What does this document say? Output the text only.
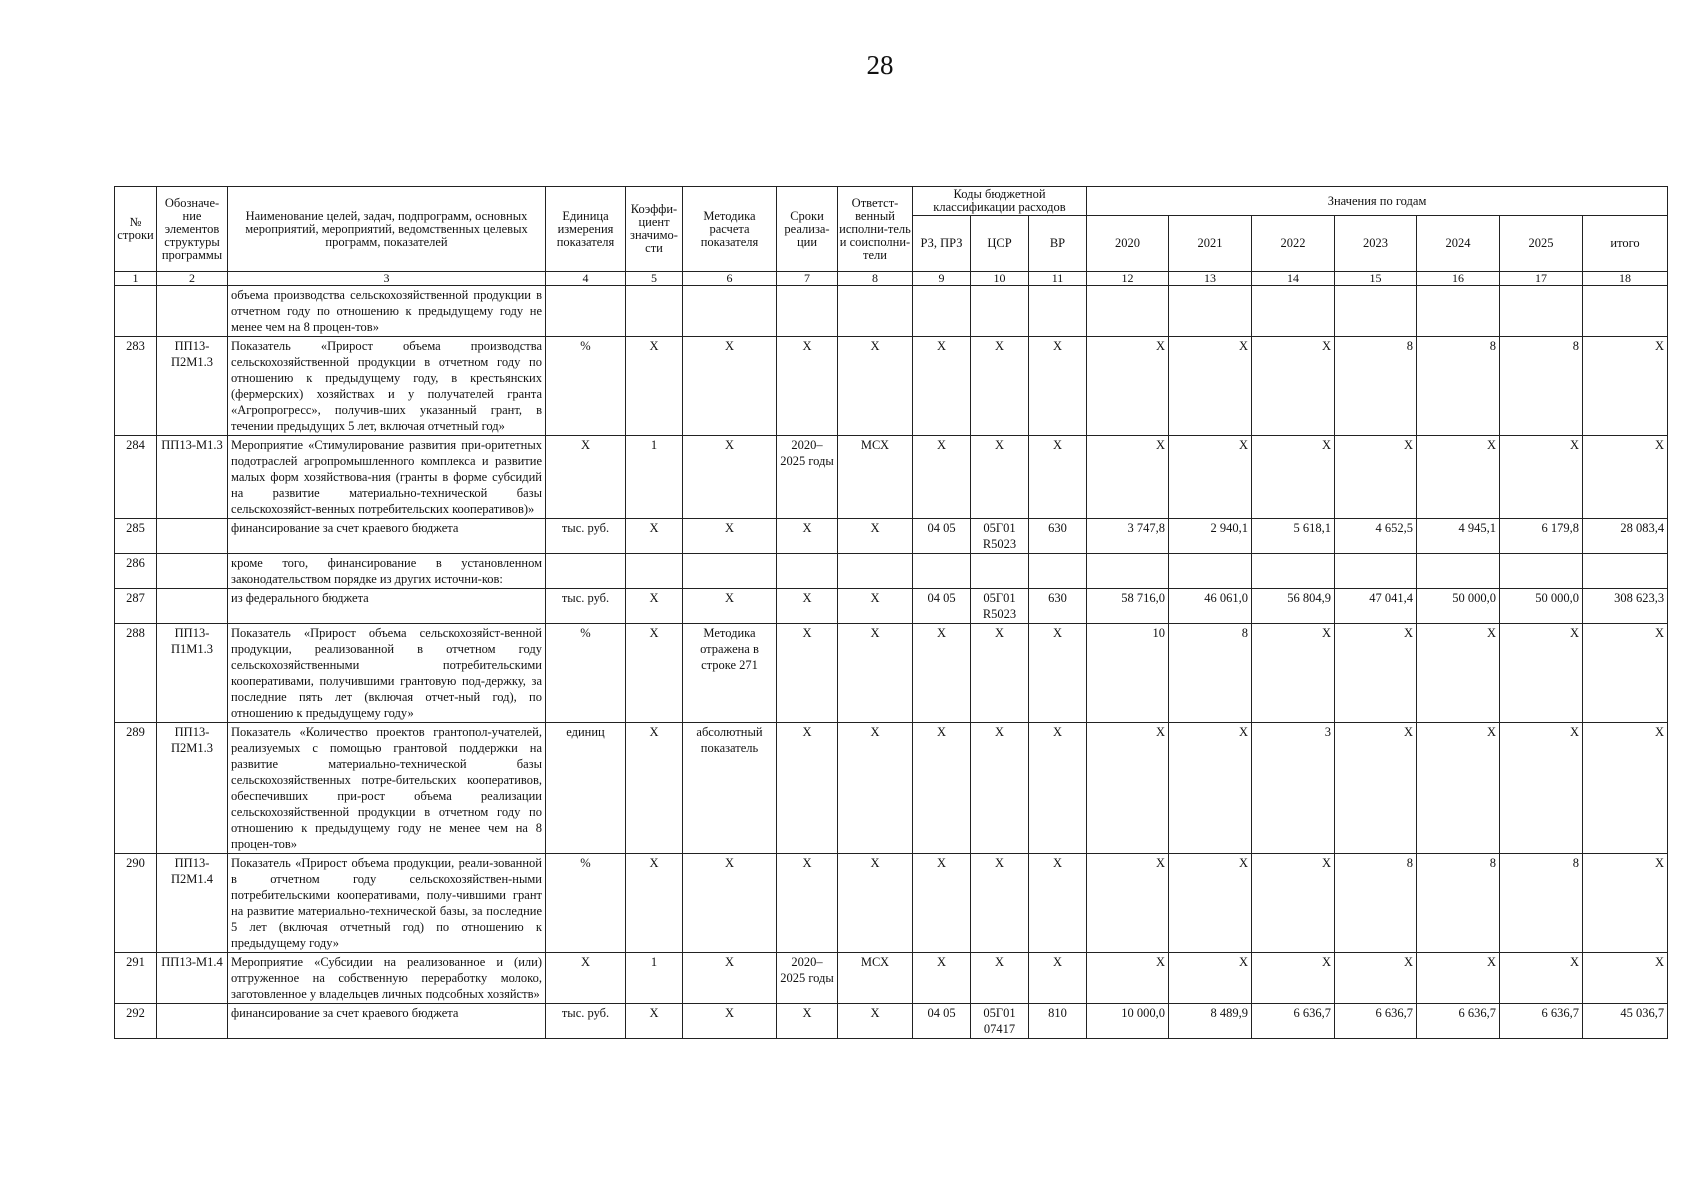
28
№ строки	Обозначе-ние элементов структуры программы	Наименование целей, задач, подпрограмм, основных мероприятий, мероприятий, ведомственных целевых программ, показателей	Единица измерения показателя	Коэффи-циент значимо-сти	Методика расчета показателя	Сроки реализа-ции	Ответст-венный исполни-тель и соисполни-тели	Коды бюджетной классификации расходов			Значения по годам						
								РЗ, ПРЗ	ЦСР	ВР	2020	2021	2022	2023	2024	2025	итого
1	2	3	4	5	6	7	8	9	10	11	12	13	14	15	16	17	18
		объема производства сельскохозяйственной продукции в отчетном году по отношению к предыдущему году не менее чем на 8 процен-тов»															
283	ПП13-П2М1.3	Показатель «Прирост объема производства сельскохозяйственной продукции в отчетном году по отношению к предыдущему году, в крестьянских (фермерских) хозяйствах и у получателей гранта «Агропрогресс», получив-ших указанный грант, в течении предыдущих 5 лет, включая отчетный год»	%	X	X	X	X	X	X	X	X	X	X	8	8	8	X
284	ПП13-М1.3	Мероприятие «Стимулирование развития при-оритетных подотраслей агропромышленного комплекса и развитие малых форм хозяйствова-ния (гранты в форме субсидий на развитие материально-технической базы сельскохозяйст-венных потребительских кооперативов)»	X	1	X	2020–2025 годы	МСХ	X	X	X	X	X	X	X	X	X	X
285		финансирование за счет краевого бюджета	тыс. руб.	X	X	X	X	04 05	05Г01 R5023	630	3 747,8	2 940,1	5 618,1	4 652,5	4 945,1	6 179,8	28 083,4
286		кроме того, финансирование в установленном законодательством порядке из других источни-ков:															
287		из федерального бюджета	тыс. руб.	X	X	X	X	04 05	05Г01 R5023	630	58 716,0	46 061,0	56 804,9	47 041,4	50 000,0	50 000,0	308 623,3
288	ПП13-П1М1.3	Показатель «Прирост объема сельскохозяйст-венной продукции, реализованной в отчетном году сельскохозяйственными потребительскими кооперативами, получившими грантовую под-держку, за последние пять лет (включая отчет-ный год), по отношению к предыдущему году»	%	X	Методика отражена в строке 271	X	X	X	X	X	10	8	X	X	X	X	X
289	ПП13-П2М1.3	Показатель «Количество проектов грантопол-учателей, реализуемых с помощью грантовой поддержки на развитие материально-технической базы сельскохозяйственных потре-бительских кооперативов, обеспечивших при-рост объема реализации сельскохозяйственной продукции в отчетном году по отношению к предыдущему году не менее чем на 8 процен-тов»	единиц	X	абсолютный показатель	X	X	X	X	X	X	X	3	X	X	X	X
290	ПП13-П2М1.4	Показатель «Прирост объема продукции, реали-зованной в отчетном году сельскохозяйствен-ными потребительскими кооперативами, полу-чившими грант на развитие материально-технической базы, за последние 5 лет (включая отчетный год) по отношению к предыдущему году»	%	X	X	X	X	X	X	X	X	X	X	8	8	8	X
291	ПП13-М1.4	Мероприятие «Субсидии на реализованное и (или) отгруженное на собственную переработку молоко, заготовленное у владельцев личных подсобных хозяйств»	X	1	X	2020–2025 годы	МСХ	X	X	X	X	X	X	X	X	X	X
292		финансирование за счет краевого бюджета	тыс. руб.	X	X	X	X	04 05	05Г01 07417	810	10 000,0	8 489,9	6 636,7	6 636,7	6 636,7	6 636,7	45 036,7
